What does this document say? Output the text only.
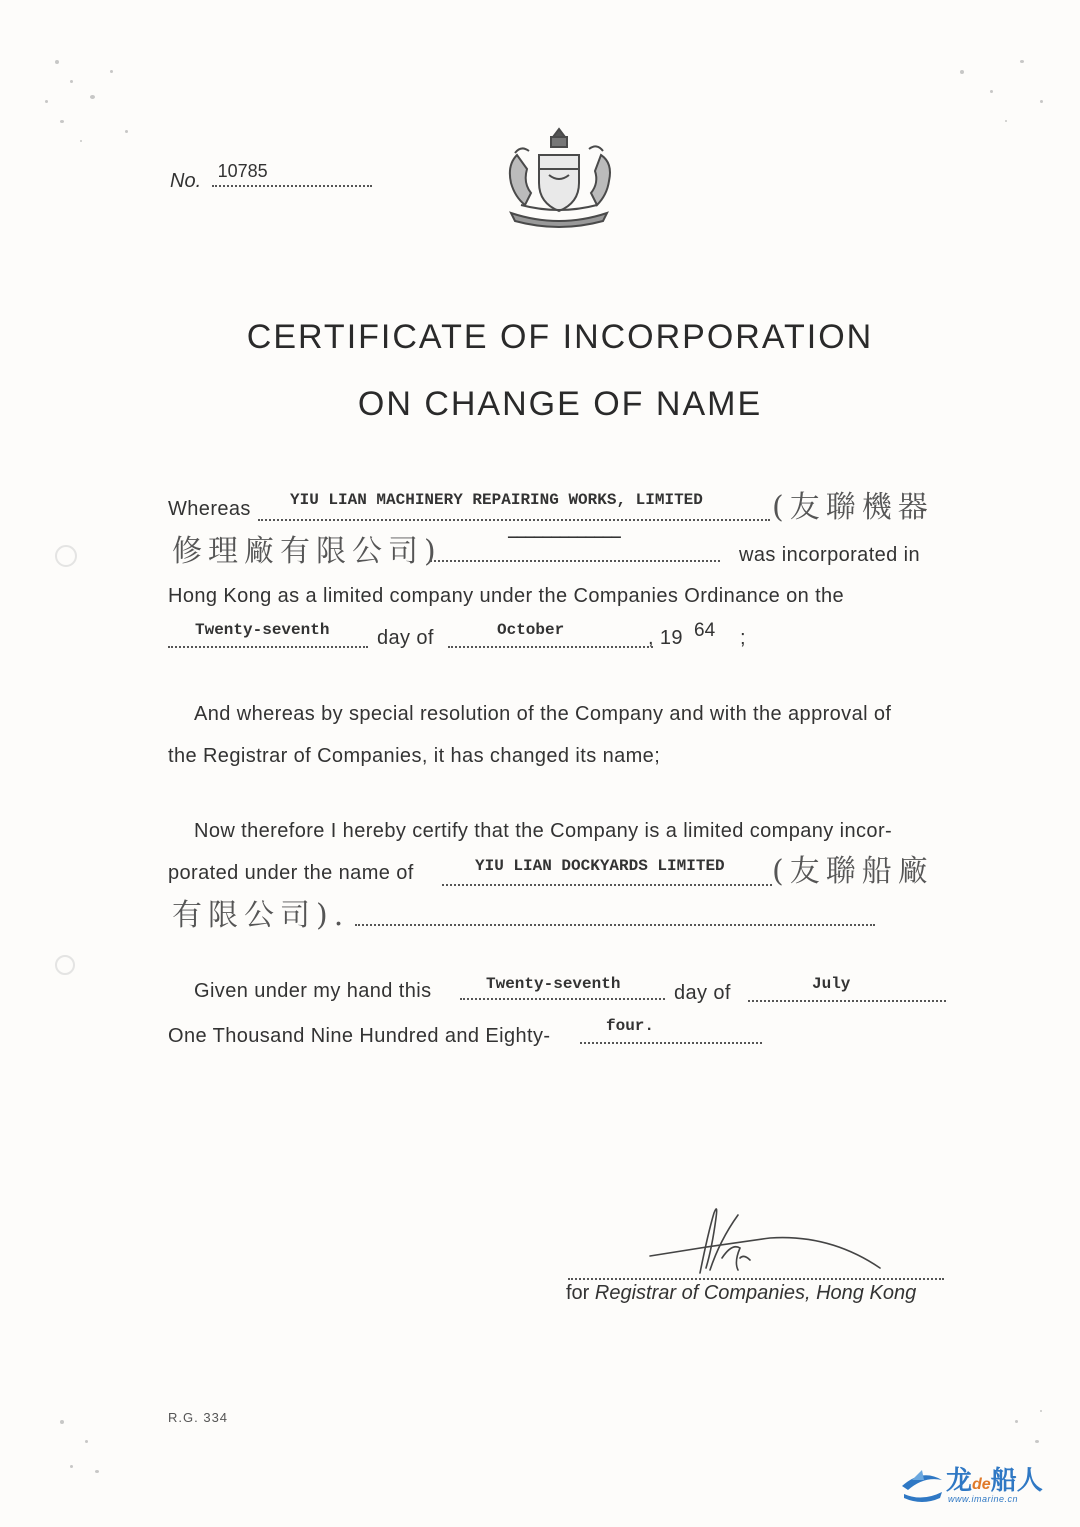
No. 10785
CERTIFICATE OF INCORPORATION
ON CHANGE OF NAME
Whereas YIU LIAN MACHINERY REPAIRING WORKS, LIMITED (友聯機器
修理廠有限公司)	—————————————
was incorporated in
Hong Kong as a limited company under the Companies Ordinance on the
Twenty-seventh day of	October	, 19 64 ;
And whereas by special resolution of the Company and with the approval of
the Registrar of Companies, it has changed its name;
Now therefore I hereby certify that the Company is a limited company incor-
porated under the name of	YIU LIAN DOCKYARDS LIMITED (友聯船廠
有限公司).
Given under my hand this	Twenty-seventh	day of	July
One Thousand Nine Hundred and Eighty-	four.
for Registrar of Companies, Hong Kong
R.G. 334
龙de船人
www.imarine.cn
